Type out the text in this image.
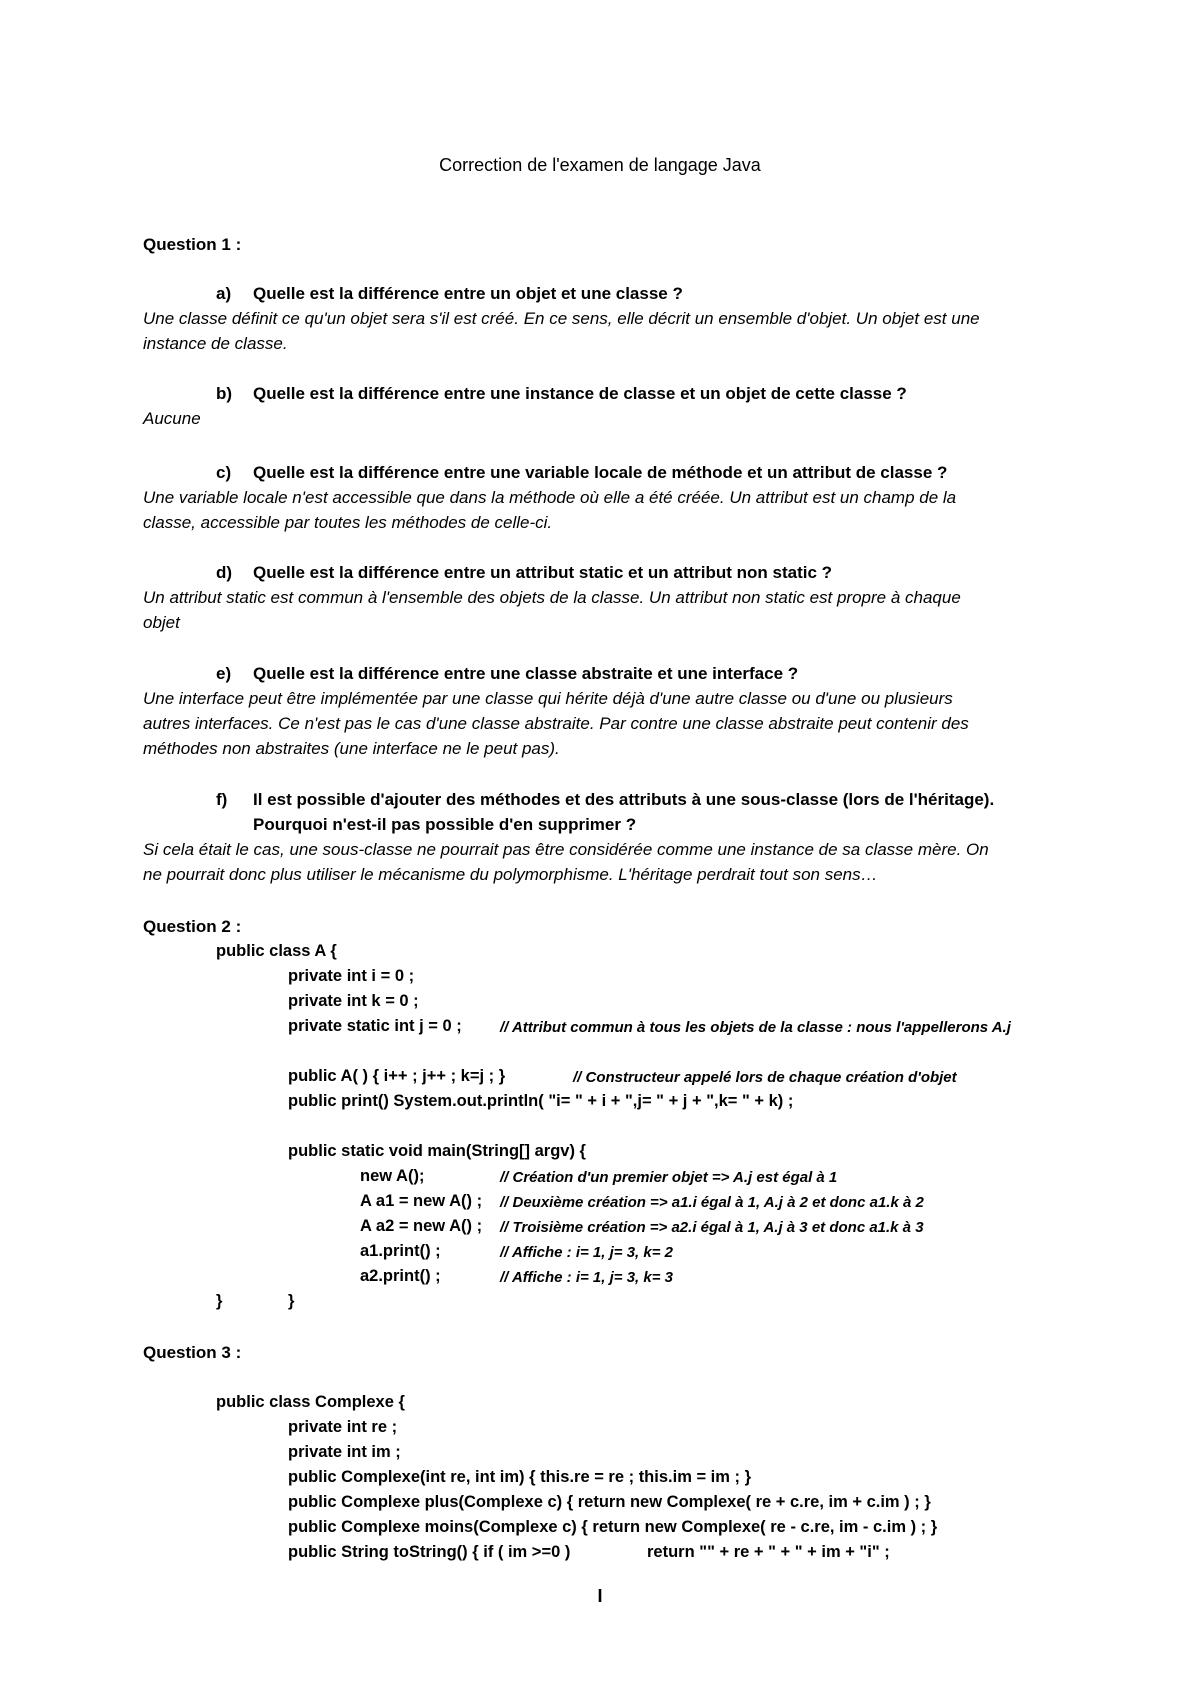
Correction de l'examen de langage Java
Question 1 :
a) Quelle est la différence entre un objet et une classe ?
Une classe définit ce qu'un objet sera s'il est créé. En ce sens, elle décrit un ensemble d'objet. Un objet est une
instance de classe.
b) Quelle est la différence entre une instance de classe et un objet de cette classe ?
Aucune
c) Quelle est la différence entre une variable locale de méthode et un attribut de classe ?
Une variable locale n'est accessible que dans la méthode où elle a été créée. Un attribut est un champ de la
classe, accessible par toutes les méthodes de celle-ci.
d) Quelle est la différence entre un attribut static et un attribut non static ?
Un attribut static est commun à l'ensemble des objets de la classe. Un attribut non static est propre à chaque
objet
e) Quelle est la différence entre une classe abstraite et une interface ?
Une interface peut être implémentée par une classe qui hérite déjà d'une autre classe ou d'une ou plusieurs
autres interfaces. Ce n'est pas le cas d'une classe abstraite. Par contre une classe abstraite peut contenir des
méthodes non abstraites (une interface ne le peut pas).
f) Il est possible d'ajouter des méthodes et des attributs à une sous-classe (lors de l'héritage).
Pourquoi n'est-il pas possible d'en supprimer ?
Si cela était le cas, une sous-classe ne pourrait pas être considérée comme une instance de sa classe mère. On
ne pourrait donc plus utiliser le mécanisme du polymorphisme. L'héritage perdrait tout son sens…
Question 2 :
public class A {
private int i = 0 ;
private int k = 0 ;
private static int j = 0 ;	// Attribut commun à tous les objets de la classe : nous l'appellerons A.j
public A( ) { i++ ; j++ ; k=j ; }	// Constructeur appelé lors de chaque création d'objet
public print() System.out.println( "i= " + i + ",j= " + j + ",k= " + k) ;
public static void main(String[] argv) {
new A();	// Création d'un premier objet => A.j est égal à 1
A a1 = new A() ; // Deuxième création => a1.i égal à 1, A.j à 2 et donc a1.k à 2
A a2 = new A() ; // Troisième création => a2.i égal à 1, A.j à 3 et donc a1.k à 3
a1.print() ;	// Affiche : i= 1, j= 3, k= 2
a2.print() ;	// Affiche : i= 1, j= 3, k= 3
}	}
Question 3 :
public class Complexe {
private int re ;
private int im ;
public Complexe(int re, int im) { this.re = re ; this.im = im ; }
public Complexe plus(Complexe c) { return new Complexe( re + c.re, im + c.im ) ; }
public Complexe moins(Complexe c) { return new Complexe( re - c.re, im - c.im ) ; }
public String toString() { if ( im >=0 )	return "" + re + " + " + im + "i" ;
I
